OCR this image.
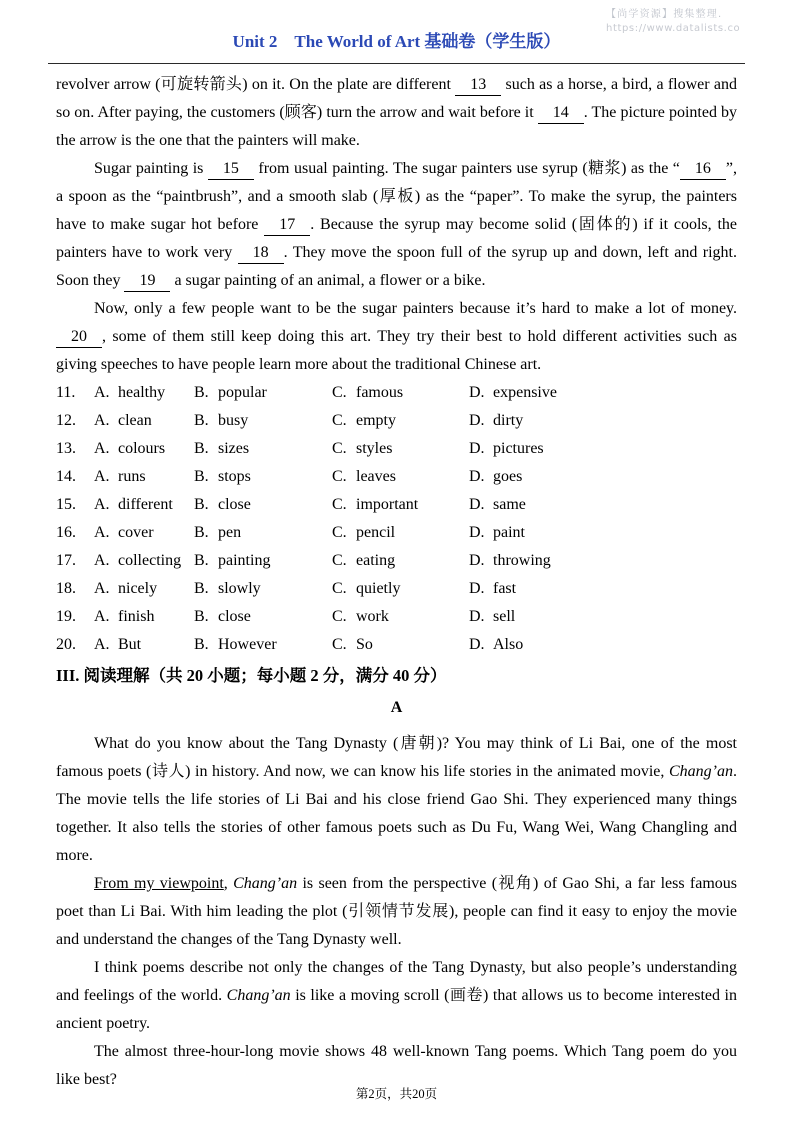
【尚学资源】搜集整理.
https://www.datalists.co
Unit 2　The World of Art 基础卷（学生版）

revolver arrow (可旋转箭头) on it. On the plate are different 13 such as a horse, a bird, a flower and so on. After paying, the customers (顾客) turn the arrow and wait before it 14 . The picture pointed by the arrow is the one that the painters will make.

Sugar painting is 15 from usual painting. The sugar painters use syrup (糖浆) as the “ 16 ”, a spoon as the “paintbrush”, and a smooth slab (厚板) as the “paper”. To make the syrup, the painters have to make sugar hot before 17 . Because the syrup may become solid (固体的) if it cools, the painters have to work very 18 . They move the spoon full of the syrup up and down, left and right. Soon they 19 a sugar painting of an animal, a flower or a bike.

Now, only a few people want to be the sugar painters because it’s hard to make a lot of money. 20 , some of them still keep doing this art. They try their best to hold different activities such as giving speeches to have people learn more about the traditional Chinese art.

11.	A. healthy	B. popular	C. famous	D. expensive
12.	A. clean	B. busy	C. empty	D. dirty
13.	A. colours	B. sizes	C. styles	D. pictures
14.	A. runs	B. stops	C. leaves	D. goes
15.	A. different	B. close	C. important	D. same
16.	A. cover	B. pen	C. pencil	D. paint
17.	A. collecting B. painting	C. eating	D. throwing
18.	A. nicely	B. slowly	C. quietly	D. fast
19.	A. finish	B. close	C. work	D. sell
20.	A. But	B. However	C. So	D. Also
III. 阅读理解（共 20 小题；每小题 2 分，满分 40 分）
A

What do you know about the Tang Dynasty (唐朝)? You may think of Li Bai, one of the most famous poets (诗人) in history. And now, we can know his life stories in the animated movie, Chang’an. The movie tells the life stories of Li Bai and his close friend Gao Shi. They experienced many things together. It also tells the stories of other famous poets such as Du Fu, Wang Wei, Wang Changling and more.

From my viewpoint, Chang’an is seen from the perspective (视角) of Gao Shi, a far less famous poet than Li Bai. With him leading the plot (引领情节发展), people can find it easy to enjoy the movie and understand the changes of the Tang Dynasty well.

I think poems describe not only the changes of the Tang Dynasty, but also people’s understanding and feelings of the world. Chang’an is like a moving scroll (画卷) that allows us to become interested in ancient poetry.

The almost three-hour-long movie shows 48 well-known Tang poems. Which Tang poem do you like best?

第2页，共20页
